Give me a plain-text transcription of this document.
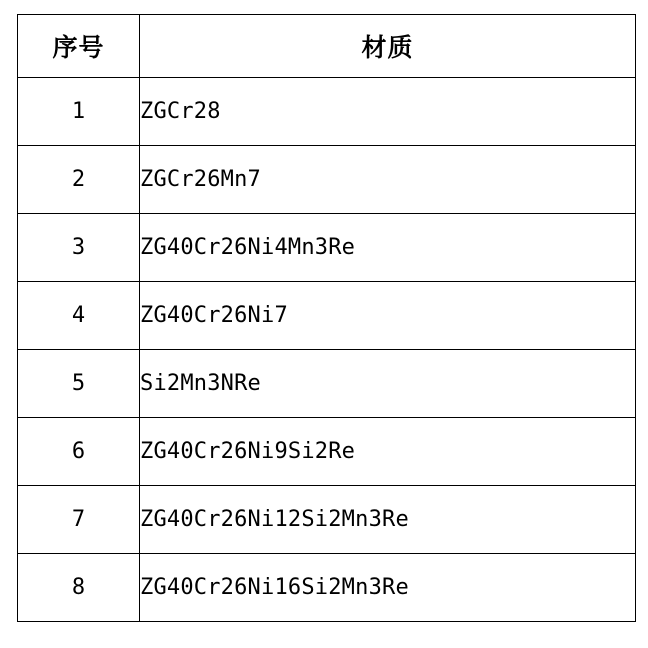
序号	材质
1	ZGCr28
2	ZGCr26Mn7
3	ZG40Cr26Ni4Mn3Re
4	ZG40Cr26Ni7
5	Si2Mn3NRe
6	ZG40Cr26Ni9Si2Re
7	ZG40Cr26Ni12Si2Mn3Re
8	ZG40Cr26Ni16Si2Mn3Re
